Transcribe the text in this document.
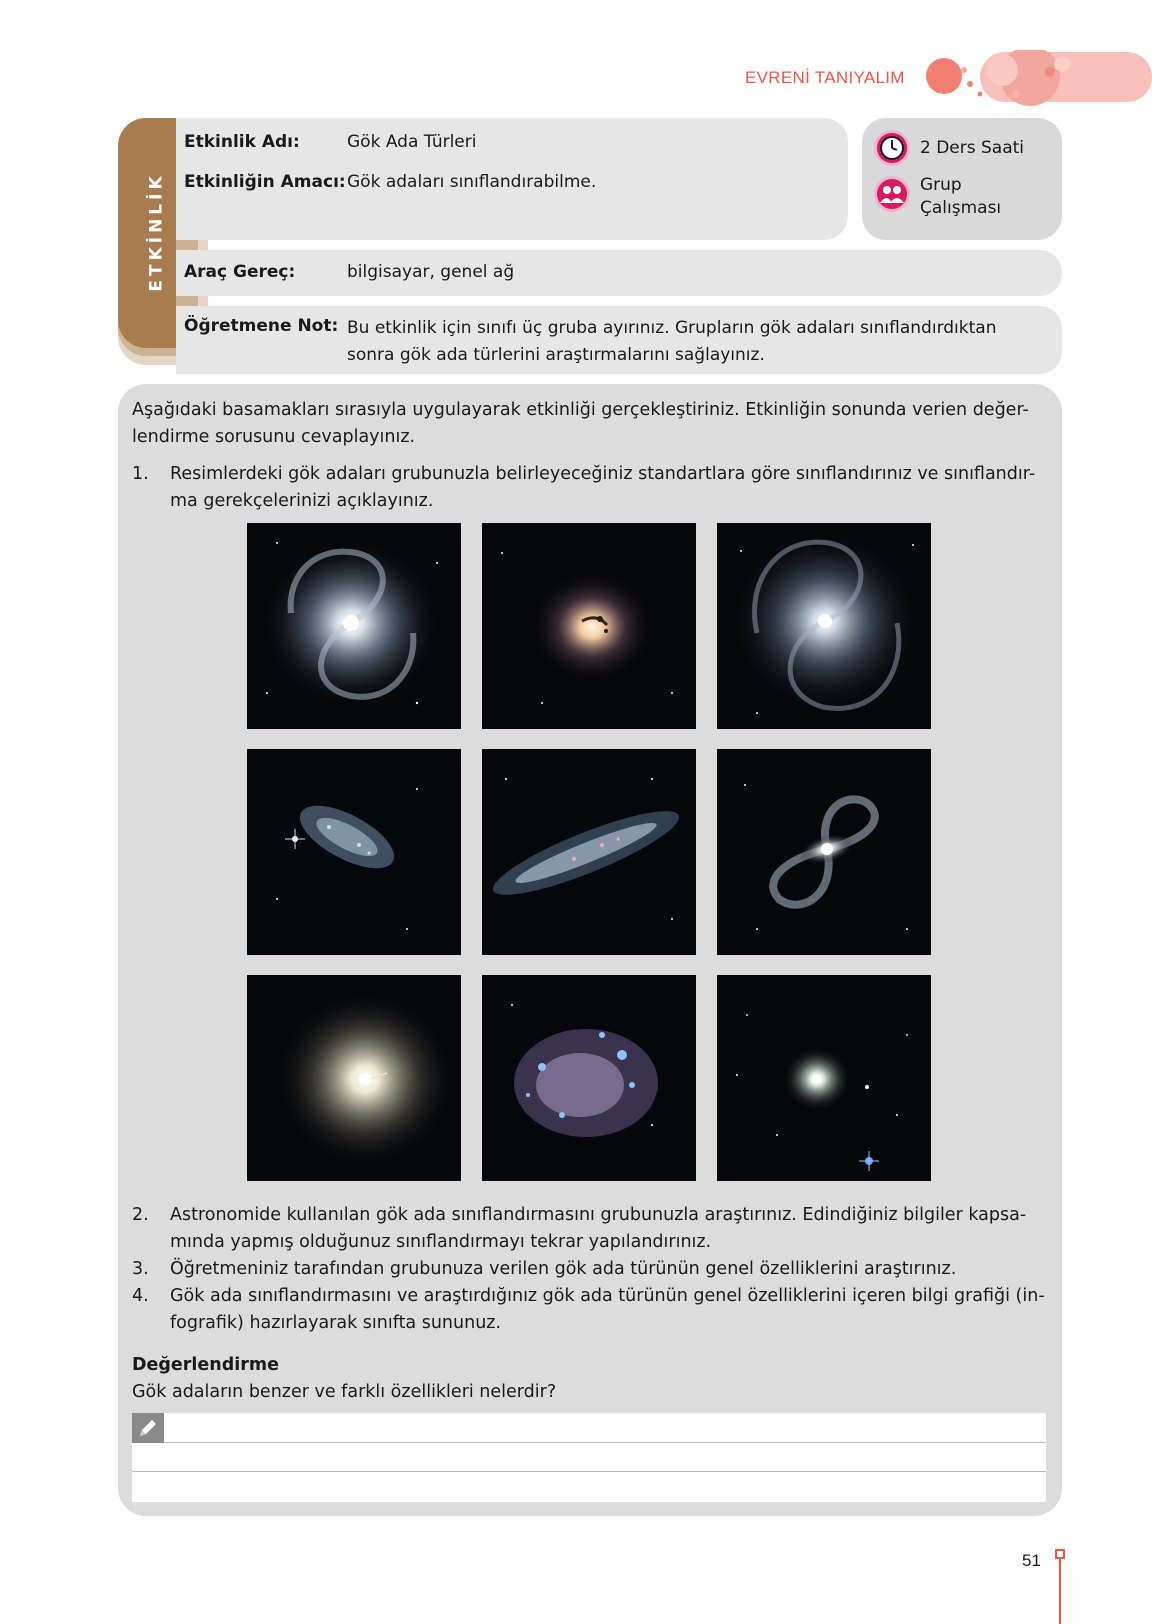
EVRENİ TANIYALIM
ETKİNLİK
Etkinlik Adı:	Gök Ada Türleri
Etkinliğin Amacı: Gök adaları sınıflandırabilme.
Araç Gereç:	bilgisayar, genel ağ
Öğretmene Not: Bu etkinlik için sınıfı üç gruba ayırınız. Grupların gök adaları sınıflandırdıktan
sonra gök ada türlerini araştırmalarını sağlayınız.
2 Ders Saati
Grup
Çalışması
Aşağıdaki basamakları sırasıyla uygulayarak etkinliği gerçekleştiriniz. Etkinliğin sonunda verien değer-
lendirme sorusunu cevaplayınız.
1. Resimlerdeki gök adaları grubunuzla belirleyeceğiniz standartlara göre sınıflandırınız ve sınıflandır-
ma gerekçelerinizi açıklayınız.
2. Astronomide kullanılan gök ada sınıflandırmasını grubunuzla araştırınız. Edindiğiniz bilgiler kapsa-
mında yapmış olduğunuz sınıflandırmayı tekrar yapılandırınız.
3. Öğretmeniniz tarafından grubunuza verilen gök ada türünün genel özelliklerini araştırınız.
4. Gök ada sınıflandırmasını ve araştırdığınız gök ada türünün genel özelliklerini içeren bilgi grafiği (in-
fografik) hazırlayarak sınıfta sununuz.
Değerlendirme
Gök adaların benzer ve farklı özellikleri nelerdir?
51
